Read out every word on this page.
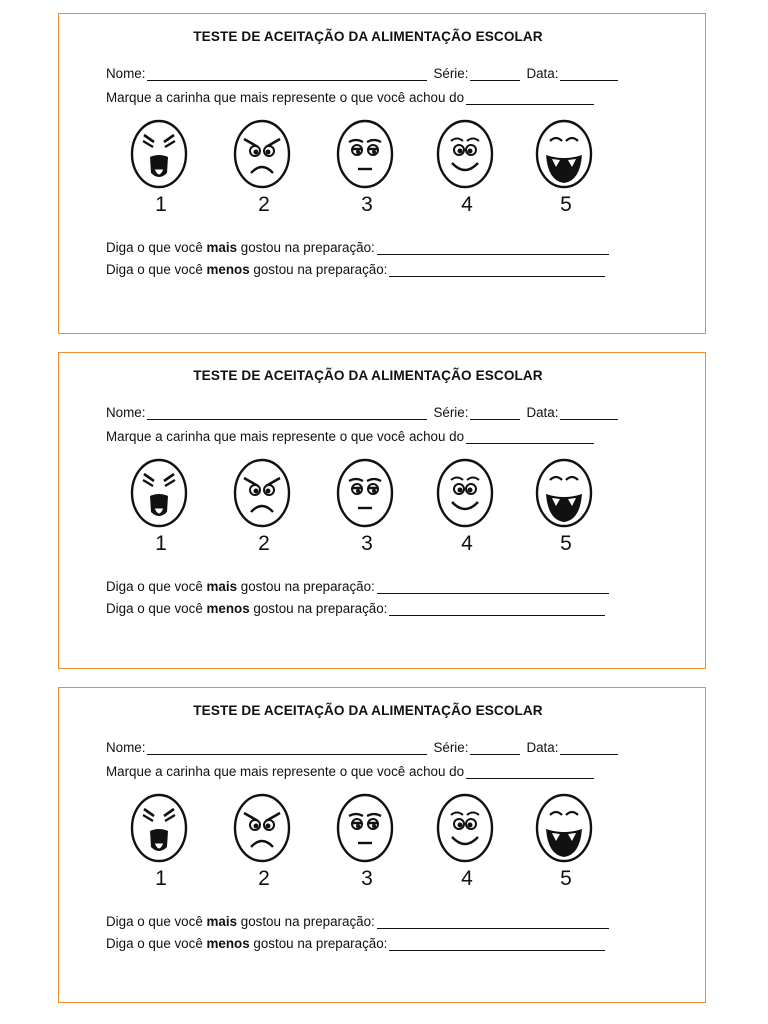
TESTE DE ACEITAÇÃO DA ALIMENTAÇÃO ESCOLAR
Nome:	Série:	Data:
Marque a carinha que mais represente o que você achou do
1	2	3	4	5
Diga o que você mais gostou na preparação:
Diga o que você menos gostou na preparação:
TESTE DE ACEITAÇÃO DA ALIMENTAÇÃO ESCOLAR
Nome:	Série:	Data:
Marque a carinha que mais represente o que você achou do
1	2	3	4	5
Diga o que você mais gostou na preparação:
Diga o que você menos gostou na preparação:
TESTE DE ACEITAÇÃO DA ALIMENTAÇÃO ESCOLAR
Nome:	Série:	Data:
Marque a carinha que mais represente o que você achou do
1	2	3	4	5
Diga o que você mais gostou na preparação:
Diga o que você menos gostou na preparação:
